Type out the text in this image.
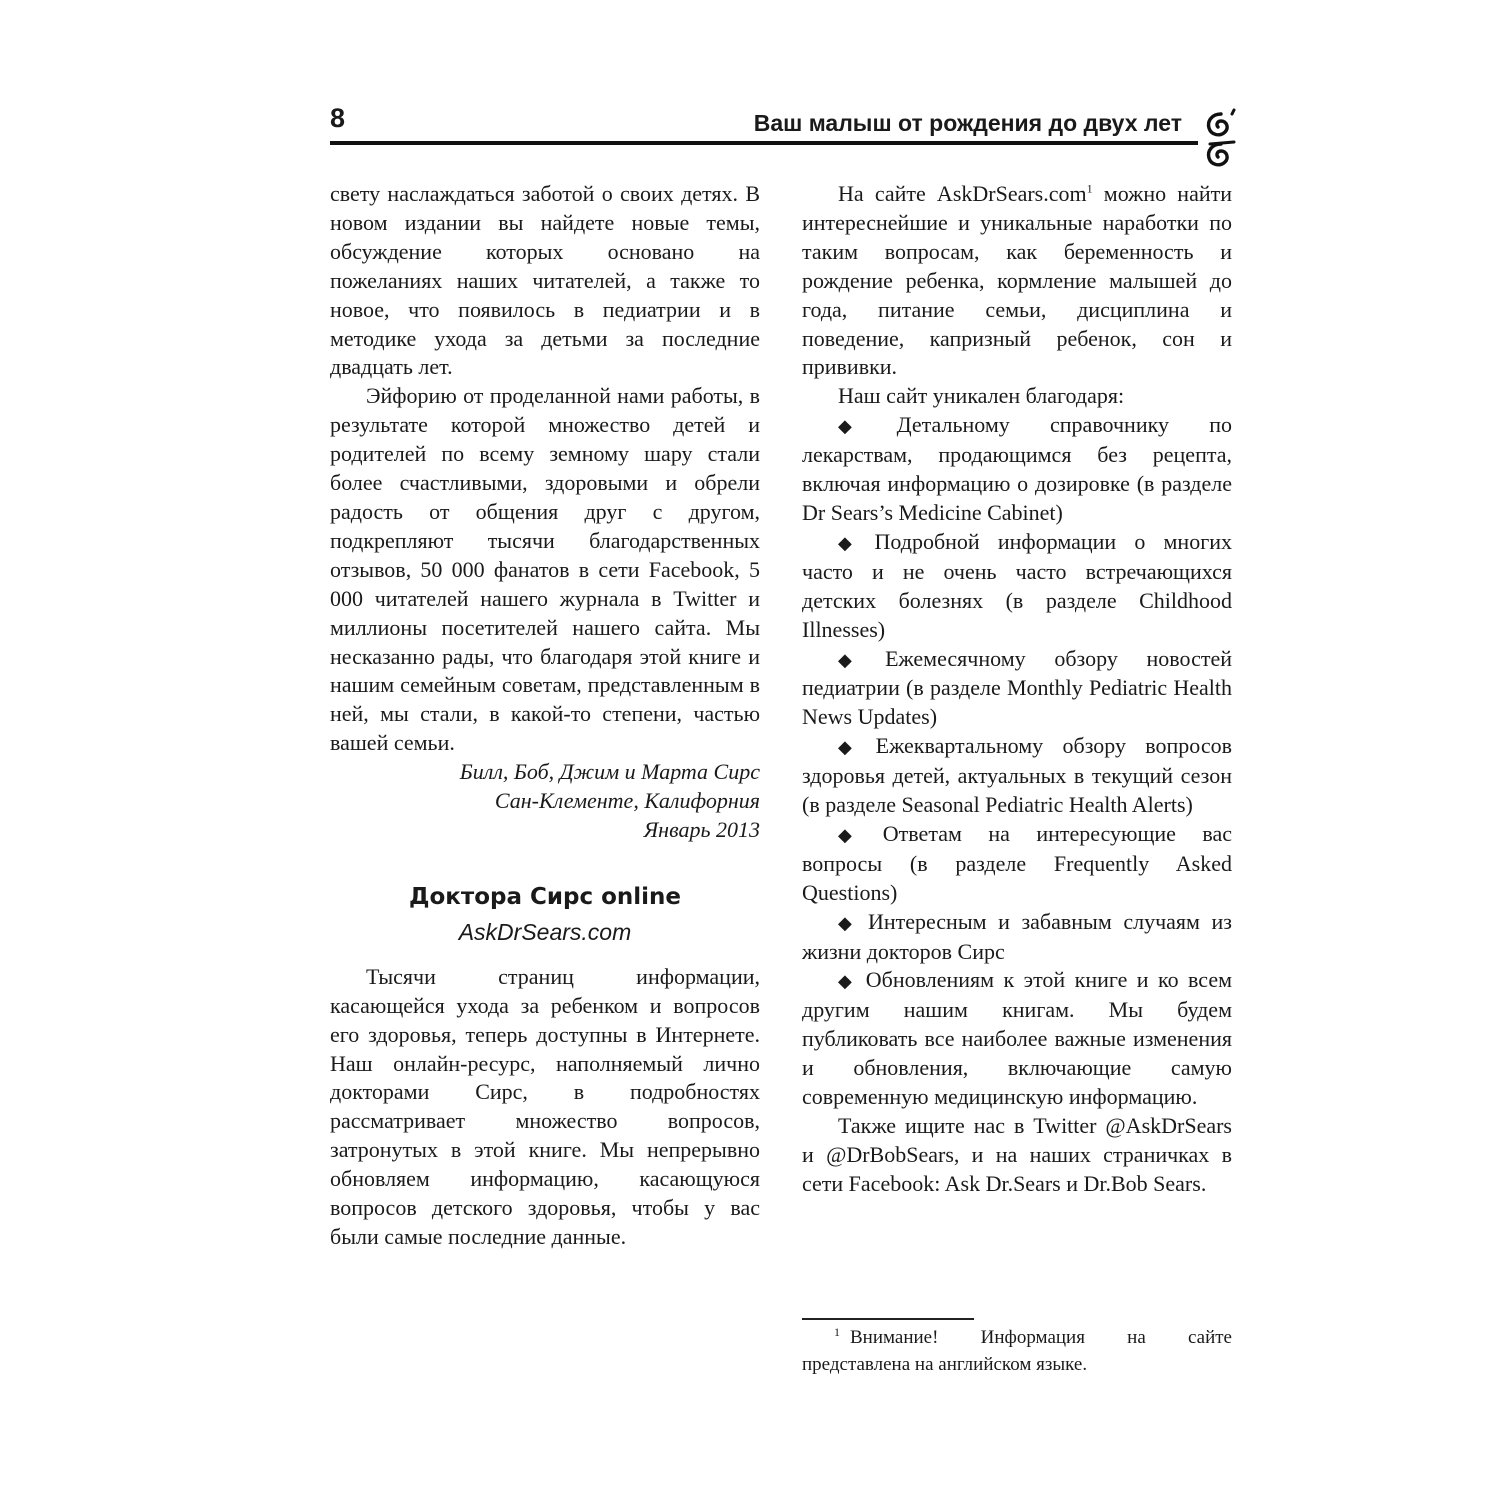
8	Ваш малыш от рождения до двух лет

свету наслаждаться заботой о своих детях. В новом издании вы найдете новые темы, обсуждение которых основано на пожеланиях наших читателей, а также то новое, что появилось в педиатрии и в методике ухода за детьми за последние двадцать лет.

Эйфорию от проделанной нами работы, в результате которой множество детей и родителей по всему земному шару стали более счастливыми, здоровыми и обрели радость от общения друг с другом, подкрепляют тысячи благодарственных отзывов, 50 000 фанатов в сети Facebook, 5 000 читателей нашего журнала в Twitter и миллионы посетителей нашего сайта. Мы несказанно рады, что благодаря этой книге и нашим семейным советам, представленным в ней, мы стали, в какой-то степени, частью вашей семьи.

Билл, Боб, Джим и Марта Сирс

Сан-Клементе, Калифорния

Январь 2013

Доктора Сирс online
AskDrSears.com

Тысячи страниц информации, касающейся ухода за ребенком и вопросов его здоровья, теперь доступны в Интернете. Наш онлайн-ресурс, наполняемый лично докторами Сирс, в подробностях рассматривает множество вопросов, затронутых в этой книге. Мы непрерывно обновляем информацию, касающуюся вопросов детского здоровья, чтобы у вас были самые последние данные.

На сайте AskDrSears.com$^1$ можно найти интереснейшие и уникальные наработки по таким вопросам, как беременность и рождение ребенка, кормление малышей до года, питание семьи, дисциплина и поведение, капризный ребенок, сон и прививки.

Наш сайт уникален благодаря:

◆ Детальному справочнику по лекарствам, продающимся без рецепта, включая информацию о дозировке (в разделе Dr Sears’s Medicine Cabinet)

◆ Подробной информации о многих часто и не очень часто встречающихся детских болезнях (в разделе Childhood Illnesses)

◆ Ежемесячному обзору новостей педиатрии (в разделе Monthly Pediatric Health News Updates)

◆ Ежеквартальному обзору вопросов здоровья детей, актуальных в текущий сезон (в разделе Seasonal Pediatric Health Alerts)

◆ Ответам на интересующие вас вопросы (в разделе Frequently Asked Questions)

◆ Интересным и забавным случаям из жизни докторов Сирс

◆ Обновлениям к этой книге и ко всем другим нашим книгам. Мы будем публиковать все наиболее важные изменения и обновления, включающие самую современную медицинскую информацию.

Также ищите нас в Twitter @AskDrSears и @DrBobSears, и на наших страничках в сети Facebook: Ask Dr.Sears и Dr.Bob Sears.

$^1$ Внимание! Информация на сайте представлена на английском языке.
